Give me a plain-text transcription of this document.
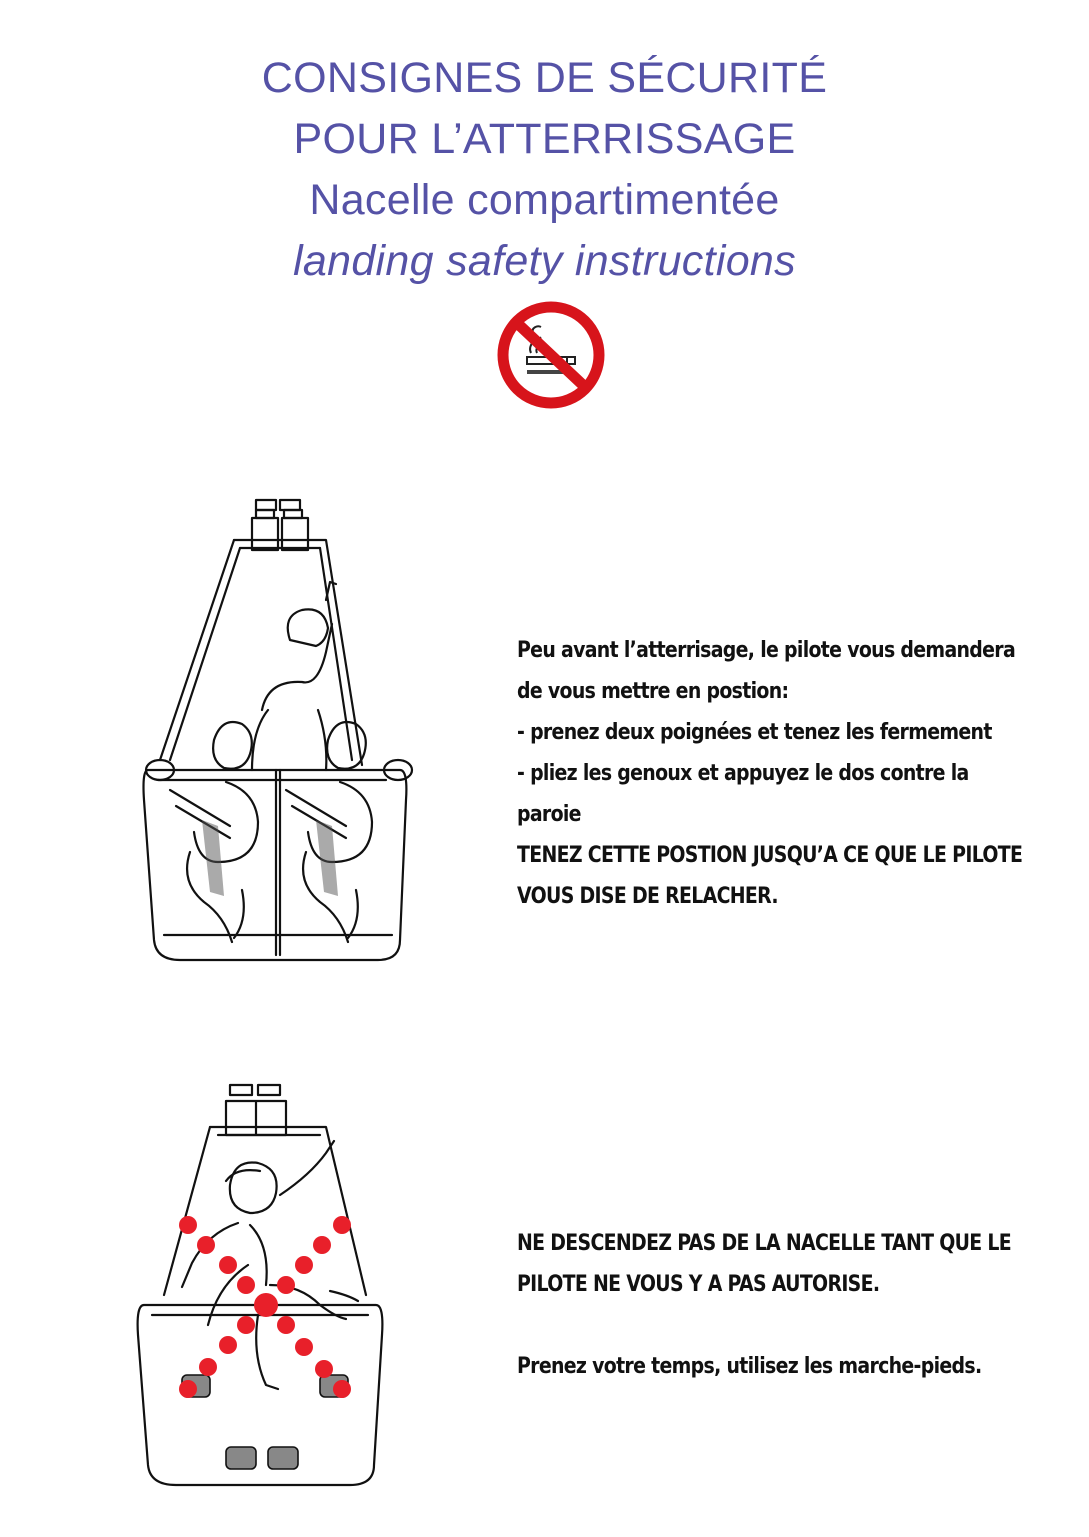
CONSIGNES DE SÉCURITÉ
POUR L’ATTERRISSAGE
Nacelle compartimentée
landing safety instructions
Peu avant l’atterrisage, le pilote vous demandera
de vous mettre en postion:
- prenez deux poignées et tenez les fermement
- pliez les genoux et appuyez le dos contre la
paroie
TENEZ CETTE POSTION JUSQU’A CE QUE LE PILOTE
VOUS DISE DE RELACHER.
NE DESCENDEZ PAS DE LA NACELLE TANT QUE LE
PILOTE NE VOUS Y A PAS AUTORISE.
Prenez votre temps, utilisez les marche-pieds.
